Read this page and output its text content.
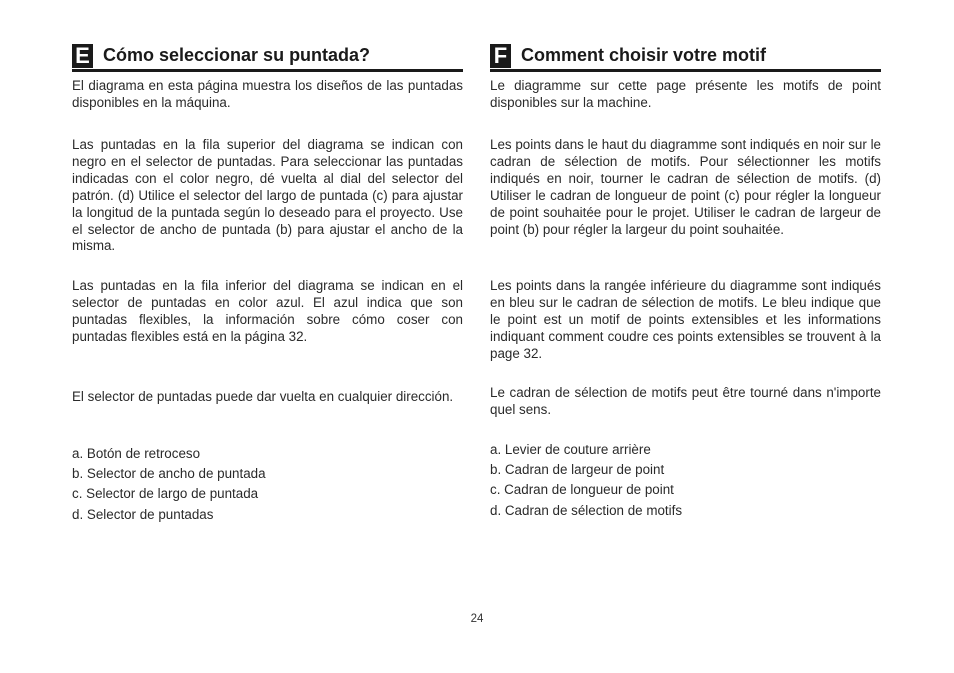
E Cómo seleccionar su puntada?

El diagrama en esta página muestra los diseños de las puntadas disponibles en la máquina.

Las puntadas en la fila superior del diagrama se indican con negro en el selector de puntadas. Para seleccionar las puntadas indicadas con el color negro, dé vuelta al dial del selector del patrón. (d) Utilice el selector del largo de puntada (c) para ajustar la longitud de la puntada según lo deseado para el proyecto. Use el selector de ancho de puntada (b) para ajustar el ancho de la misma.

Las puntadas en la fila inferior del diagrama se indican en el selector de puntadas en color azul. El azul indica que son puntadas flexibles, la información sobre cómo coser con puntadas flexibles está en la página 32.

El selector de puntadas puede dar vuelta en cualquier dirección.

a. Botón de retroceso
b. Selector de ancho de puntada
c. Selector de largo de puntada
d. Selector de puntadas
F Comment choisir votre motif

Le diagramme sur cette page présente les motifs de point disponibles sur la machine.

Les points dans le haut du diagramme sont indiqués en noir sur le cadran de sélection de motifs. Pour sélectionner les motifs indiqués en noir, tourner le cadran de sélection de motifs. (d) Utiliser le cadran de longueur de point (c) pour régler la longueur de point souhaitée pour le projet. Utiliser le cadran de largeur de point (b) pour régler la largeur du point souhaitée.

Les points dans la rangée inférieure du diagramme sont indiqués en bleu sur le cadran de sélection de motifs. Le bleu indique que le point est un motif de points extensibles et les informations indiquant comment coudre ces points extensibles se trouvent à la page 32.

Le cadran de sélection de motifs peut être tourné dans n'importe quel sens.

a. Levier de couture arrière
b. Cadran de largeur de point
c. Cadran de longueur de point
d. Cadran de sélection de motifs
24
